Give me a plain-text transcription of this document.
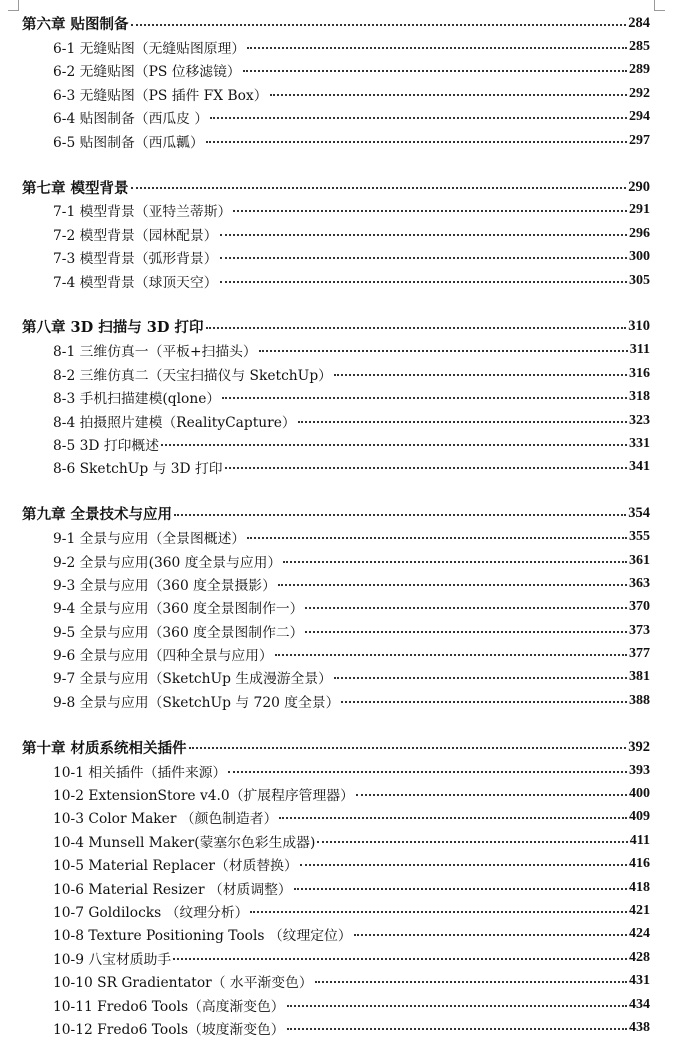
第六章 贴图制备	284
6-1 无缝贴图（无缝贴图原理）	285
6-2 无缝贴图（PS 位移滤镜）	289
6-3 无缝贴图（PS 插件 FX Box）	292
6-4 贴图制备（西瓜皮 ）	294
6-5 贴图制备（西瓜瓤）	297
第七章 模型背景	290
7-1 模型背景（亚特兰蒂斯）	291
7-2 模型背景（园林配景）	296
7-3 模型背景（弧形背景）	300
7-4 模型背景（球顶天空）	305
第八章 3D 扫描与 3D 打印	310
8-1 三维仿真一（平板+扫描头）	311
8-2 三维仿真二（天宝扫描仪与 SketchUp）	316
8-3 手机扫描建模(qlone）	318
8-4 拍摄照片建模（RealityCapture）	323
8-5 3D 打印概述	331
8-6 SketchUp 与 3D 打印	341
第九章 全景技术与应用	354
9-1 全景与应用（全景图概述）	355
9-2 全景与应用(360 度全景与应用）	361
9-3 全景与应用（360 度全景摄影）	363
9-4 全景与应用（360 度全景图制作一）	370
9-5 全景与应用（360 度全景图制作二）	373
9-6 全景与应用（四种全景与应用）	377
9-7 全景与应用（SketchUp 生成漫游全景）	381
9-8 全景与应用（SketchUp 与 720 度全景）	388
第十章 材质系统相关插件	392
10-1 相关插件（插件来源）	393
10-2 ExtensionStore v4.0（扩展程序管理器）	400
10-3 Color Maker （颜色制造者）	409
10-4 Munsell Maker(蒙塞尔色彩生成器)	411
10-5 Material Replacer（材质替换）	416
10-6 Material Resizer （材质调整）	418
10-7 Goldilocks （纹理分析）	421
10-8 Texture Positioning Tools （纹理定位）	424
10-9 八宝材质助手	428
10-10 SR Gradientator（ 水平渐变色）	431
10-11 Fredo6 Tools（高度渐变色）	434
10-12 Fredo6 Tools（坡度渐变色）	438
